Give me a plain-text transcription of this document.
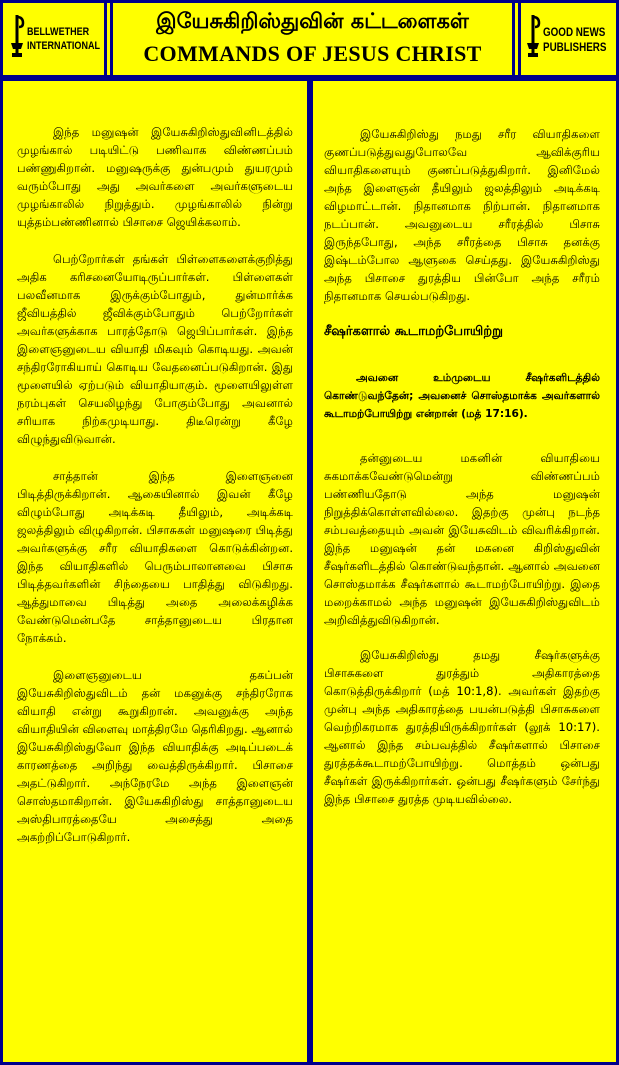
BELLWETHER
INTERNATIONAL
இயேசுகிறிஸ்துவின் கட்டளைகள்
COMMANDS OF JESUS CHRIST
GOOD NEWS
PUBLISHERS

இந்த மனுஷன் இயேசுகிறிஸ்துவினிடத்தில் முழங்கால் படியிட்டு பணிவாக விண்ணப்பம் பண்ணுகிறான். மனுஷருக்கு துன்பமும் துயரமும் வரும்போது அது அவர்களை அவர்களுடைய முழங்காலில் நிறுத்தும். முழங்காலில் நின்று யுத்தம்பண்ணினால் பிசாசை ஜெயிக்கலாம்.

பெற்றோர்கள் தங்கள் பிள்ளைகளைக்குறித்து அதிக கரிசனையோடிருப்பார்கள். பிள்ளைகள் பலவீனமாக இருக்கும்போதும், துன்மார்க்க ஜீவியத்தில் ஜீவிக்கும்போதும் பெற்றோர்கள் அவர்களுக்காக பாரத்தோடு ஜெபிப்பார்கள். இந்த இளைஞனுடைய வியாதி மிகவும் கொடியது. அவன் சந்திரரோகியாய் கொடிய வேதனைப்படுகிறான். இது மூளையில் ஏற்படும் வியாதியாகும். மூளையிலுள்ள நரம்புகள் செயலிழந்து போகும்போது அவனால் சரியாக நிற்கமுடியாது. திடீரென்று கீழே விழுந்துவிடுவான்.

சாத்தான் இந்த இளைஞனை பிடித்திருக்கிறான். ஆகையினால் இவன் கீழே விழும்போது அடிக்கடி தீயிலும், அடிக்கடி ஜலத்திலும் விழுகிறான். பிசாசுகள் மனுஷரை பிடித்து அவர்களுக்கு சரீர வியாதிகளை கொடுக்கின்றன. இந்த வியாதிகளில் பெரும்பாலானவை பிசாசு பிடித்தவர்களின் சிந்தையை பாதித்து விடுகிறது. ஆத்துமாவை பிடித்து அதை அலைக்கழிக்க வேண்டுமென்பதே சாத்தானுடைய பிரதான நோக்கம்.

இளைஞனுடைய தகப்பன் இயேசுகிறிஸ்துவிடம் தன் மகனுக்கு சந்திரரோக வியாதி என்று கூறுகிறான். அவனுக்கு அந்த வியாதியின் விளைவு மாத்திரமே தெரிகிறது. ஆனால் இயேசுகிறிஸ்துவோ இந்த வியாதிக்கு அடிப்படைக் காரணத்தை அறிந்து வைத்திருக்கிறார். பிசாசை அதட்டுகிறார். அந்நேரமே அந்த இளைஞன் சொஸ்தமாகிறான். இயேசுகிறிஸ்து சாத்தானுடைய அஸ்திபாரத்தையே அசைத்து அதை அகற்றிப்போடுகிறார்.

இயேசுகிறிஸ்து நமது சரீர வியாதிகளை குணப்படுத்துவதுபோலவே ஆவிக்குரிய வியாதிகளையும் குணப்படுத்துகிறார். இனிமேல் அந்த இளைஞன் தீயிலும் ஜலத்திலும் அடிக்கடி விழமாட்டான். நிதானமாக நிற்பான். நிதானமாக நடப்பான். அவனுடைய சரீரத்தில் பிசாசு இருந்தபோது, அந்த சரீரத்தை பிசாசு தனக்கு இஷ்டம்போல ஆளுகை செய்தது. இயேசுகிறிஸ்து அந்த பிசாசை துரத்திய பின்போ அந்த சரீரம் நிதானமாக செயல்படுகிறது.

சீஷர்களால் கூடாமற்போயிற்று

அவனை உம்முடைய சீஷர்களிடத்தில் கொண்டுவந்தேன்; அவனைச் சொஸ்தமாக்க அவர்களால் கூடாமற்போயிற்று என்றான் (மத் 17:16).

தன்னுடைய மகனின் வியாதியை சுகமாக்கவேண்டுமென்று விண்ணப்பம் பண்ணியதோடு அந்த மனுஷன் நிறுத்திக்கொள்ளவில்லை. இதற்கு முன்பு நடந்த சம்பவத்தையும் அவன் இயேசுவிடம் விவரிக்கிறான். இந்த மனுஷன் தன் மகனை கிறிஸ்துவின் சீஷர்களிடத்தில் கொண்டுவந்தான். ஆனால் அவனை சொஸ்தமாக்க சீஷர்களால் கூடாமற்போயிற்று. இதை மறைக்காமல் அந்த மனுஷன் இயேசுகிறிஸ்துவிடம் அறிவித்துவிடுகிறான்.

இயேசுகிறிஸ்து தமது சீஷர்களுக்கு பிசாசுகளை துரத்தும் அதிகாரத்தை கொடுத்திருக்கிறார் (மத் 10:1,8). அவர்கள் இதற்கு முன்பு அந்த அதிகாரத்தை பயன்படுத்தி பிசாசுகளை வெற்றிகரமாக துரத்தியிருக்கிறார்கள் (லூக் 10:17). ஆனால் இந்த சம்பவத்தில் சீஷர்களால் பிசாசை துரத்தக்கூடாமற்போயிற்று. மொத்தம் ஒன்பது சீஷர்கள் இருக்கிறார்கள். ஒன்பது சீஷர்களும் சேர்ந்து இந்த பிசாசை துரத்த முடியவில்லை.
